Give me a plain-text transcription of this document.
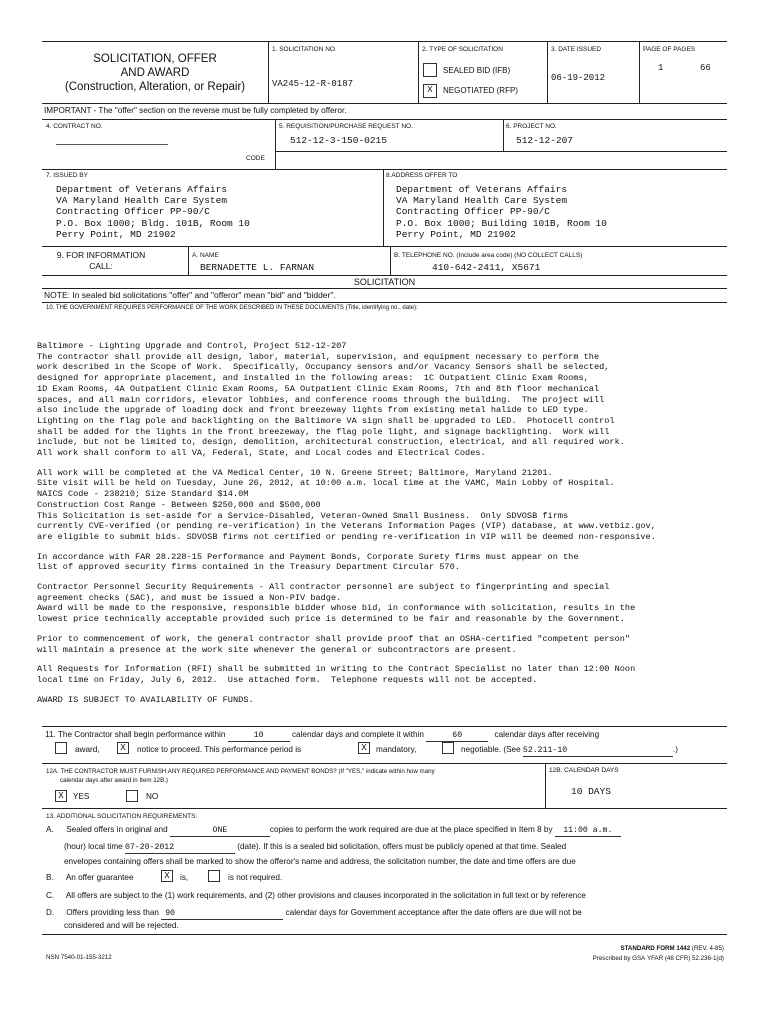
SOLICITATION, OFFER
AND AWARD
(Construction, Alteration, or Repair)
1. SOLICITATION NO.
VA245-12-R-0187
2. TYPE OF SOLICITATION
SEALED BID (IFB)
X	NEGOTIATED (RFP)
3. DATE ISSUED
06-19-2012
PAGE OF PAGES
1	66
IMPORTANT - The "offer" section on the reverse must be fully completed by offeror.
4. CONTRACT NO.
CODE
5. REQUISITION/PURCHASE REQUEST NO.
512-12-3-150-0215
6. PROJECT NO.
512-12-207
7. ISSUED BY
Department of Veterans Affairs
VA Maryland Health Care System
Contracting Officer PP-90/C
P.O. Box 1000; Bldg. 101B, Room 10
Perry Point, MD 21902
8.ADDRESS OFFER TO
Department of Veterans Affairs
VA Maryland Health Care System
Contracting Officer PP-90/C
P.O. Box 1000; Building 101B, Room 10
Perry Point, MD 21902
9. FOR INFORMATION
CALL:
A. NAME
BERNADETTE L. FARNAN
B. TELEPHONE NO. (Include area code) (NO COLLECT CALLS)
410-642-2411, X5671
SOLICITATION
NOTE: In sealed bid solicitations "offer" and "offeror" mean "bid" and "bidder".
10. THE GOVERNMENT REQUIRES PERFORMANCE OF THE WORK DESCRIBED IN THESE DOCUMENTS (Title, identifying no., date):

Baltimore - Lighting Upgrade and Control, Project 512-12-207
The contractor shall provide all design, labor, material, supervision, and equipment necessary to perform the
work described in the Scope of Work.  Specifically, Occupancy sensors and/or Vacancy Sensors shall be selected,
designed for appropriate placement, and installed in the following areas:  1C Outpatient Clinic Exam Rooms,
1D Exam Rooms, 4A Outpatient Clinic Exam Rooms, 5A Outpatient Clinic Exam Rooms, 7th and 8th floor mechanical
spaces, and all main corridors, elevator lobbies, and conference rooms through the building.  The project will
also include the upgrade of loading dock and front breezeway lights from existing metal halide to LED type.
Lighting on the flag pole and backlighting on the Baltimore VA sign shall be upgraded to LED.  Photocell control
shall be added for the lights in the front breezeway, the flag pole light, and signage backlighting.  Work will
include, but not be limited to, design, demolition, architectural construction, electrical, and all required work.
All work shall conform to all VA, Federal, State, and Local codes and Electrical Codes.

All work will be completed at the VA Medical Center, 10 N. Greene Street; Baltimore, Maryland 21201.
Site visit will be held on Tuesday, June 26, 2012, at 10:00 a.m. local time at the VAMC, Main Lobby of Hospital.
NAICS Code - 238210; Size Standard $14.0M
Construction Cost Range - Between $250,000 and $500,000
This Solicitation is set-aside for a Service-Disabled, Veteran-Owned Small Business.  Only SDVOSB firms
currently CVE-verified (or pending re-verification) in the Veterans Information Pages (VIP) database, at www.vetbiz.gov,
are eligible to submit bids. SDVOSB firms not certified or pending re-verification in VIP will be deemed non-responsive.

In accordance with FAR 28.228-15 Performance and Payment Bonds, Corporate Surety firms must appear on the
list of approved security firms contained in the Treasury Department Circular 570.

Contractor Personnel Security Requirements - All contractor personnel are subject to fingerprinting and special
agreement checks (SAC), and must be issued a Non-PIV badge.
Award will be made to the responsive, responsible bidder whose bid, in conformance with solicitation, results in the
lowest price technically acceptable provided such price is determined to be fair and reasonable by the Government.

Prior to commencement of work, the general contractor shall provide proof that an OSHA-certified "competent person"
will maintain a presence at the work site whenever the general or subcontractors are present.

All Requests for Information (RFI) shall be submitted in writing to the Contract Specialist no later than 12:00 Noon
local time on Friday, July 6, 2012.  Use attached form.  Telephone requests will not be accepted.

AWARD IS SUBJECT TO AVAILABILITY OF FUNDS.

11. The Contractor shall begin performance within	10	calendar days and complete it within	60	calendar days after receiving
award,	X	notice to proceed. This performance period is	X	mandatory,	negotiable. (See 52.211-10	.)
12A. THE CONTRACTOR MUST FURNISH ANY REQUIRED PERFORMANCE AND PAYMENT BONDS? (If "YES," indicate within how many
calendar days after award in Item 12B.)
X	YES	NO
12B. CALENDAR DAYS
10 DAYS
13. ADDITIONAL SOLICITATION REQUIREMENTS:
A. Sealed offers in original and	ONE	copies to perform the work required are due at the place specified in Item 8 by 11:00 a.m.
(hour) local time 07-20-2012	(date). If this is a sealed bid solicitation, offers must be publicly opened at that time. Sealed
envelopes containing offers shall be marked to show the offeror's name and address, the solicitation number, the date and time offers are due
B. An offer guarantee	X	is,	is not required.
C. All offers are subject to the (1) work requirements, and (2) other provisions and clauses incorporated in the solicitation in full text or by reference
D. Offers providing less than 90	calendar days for Government acceptance after the date offers are due will not be
considered and will be rejected.
NSN 7540-01-155-3212
STANDARD FORM 1442 (REV. 4-85)
Prescribed by GSA YFAR (48 CFR) 52.236-1(d)
